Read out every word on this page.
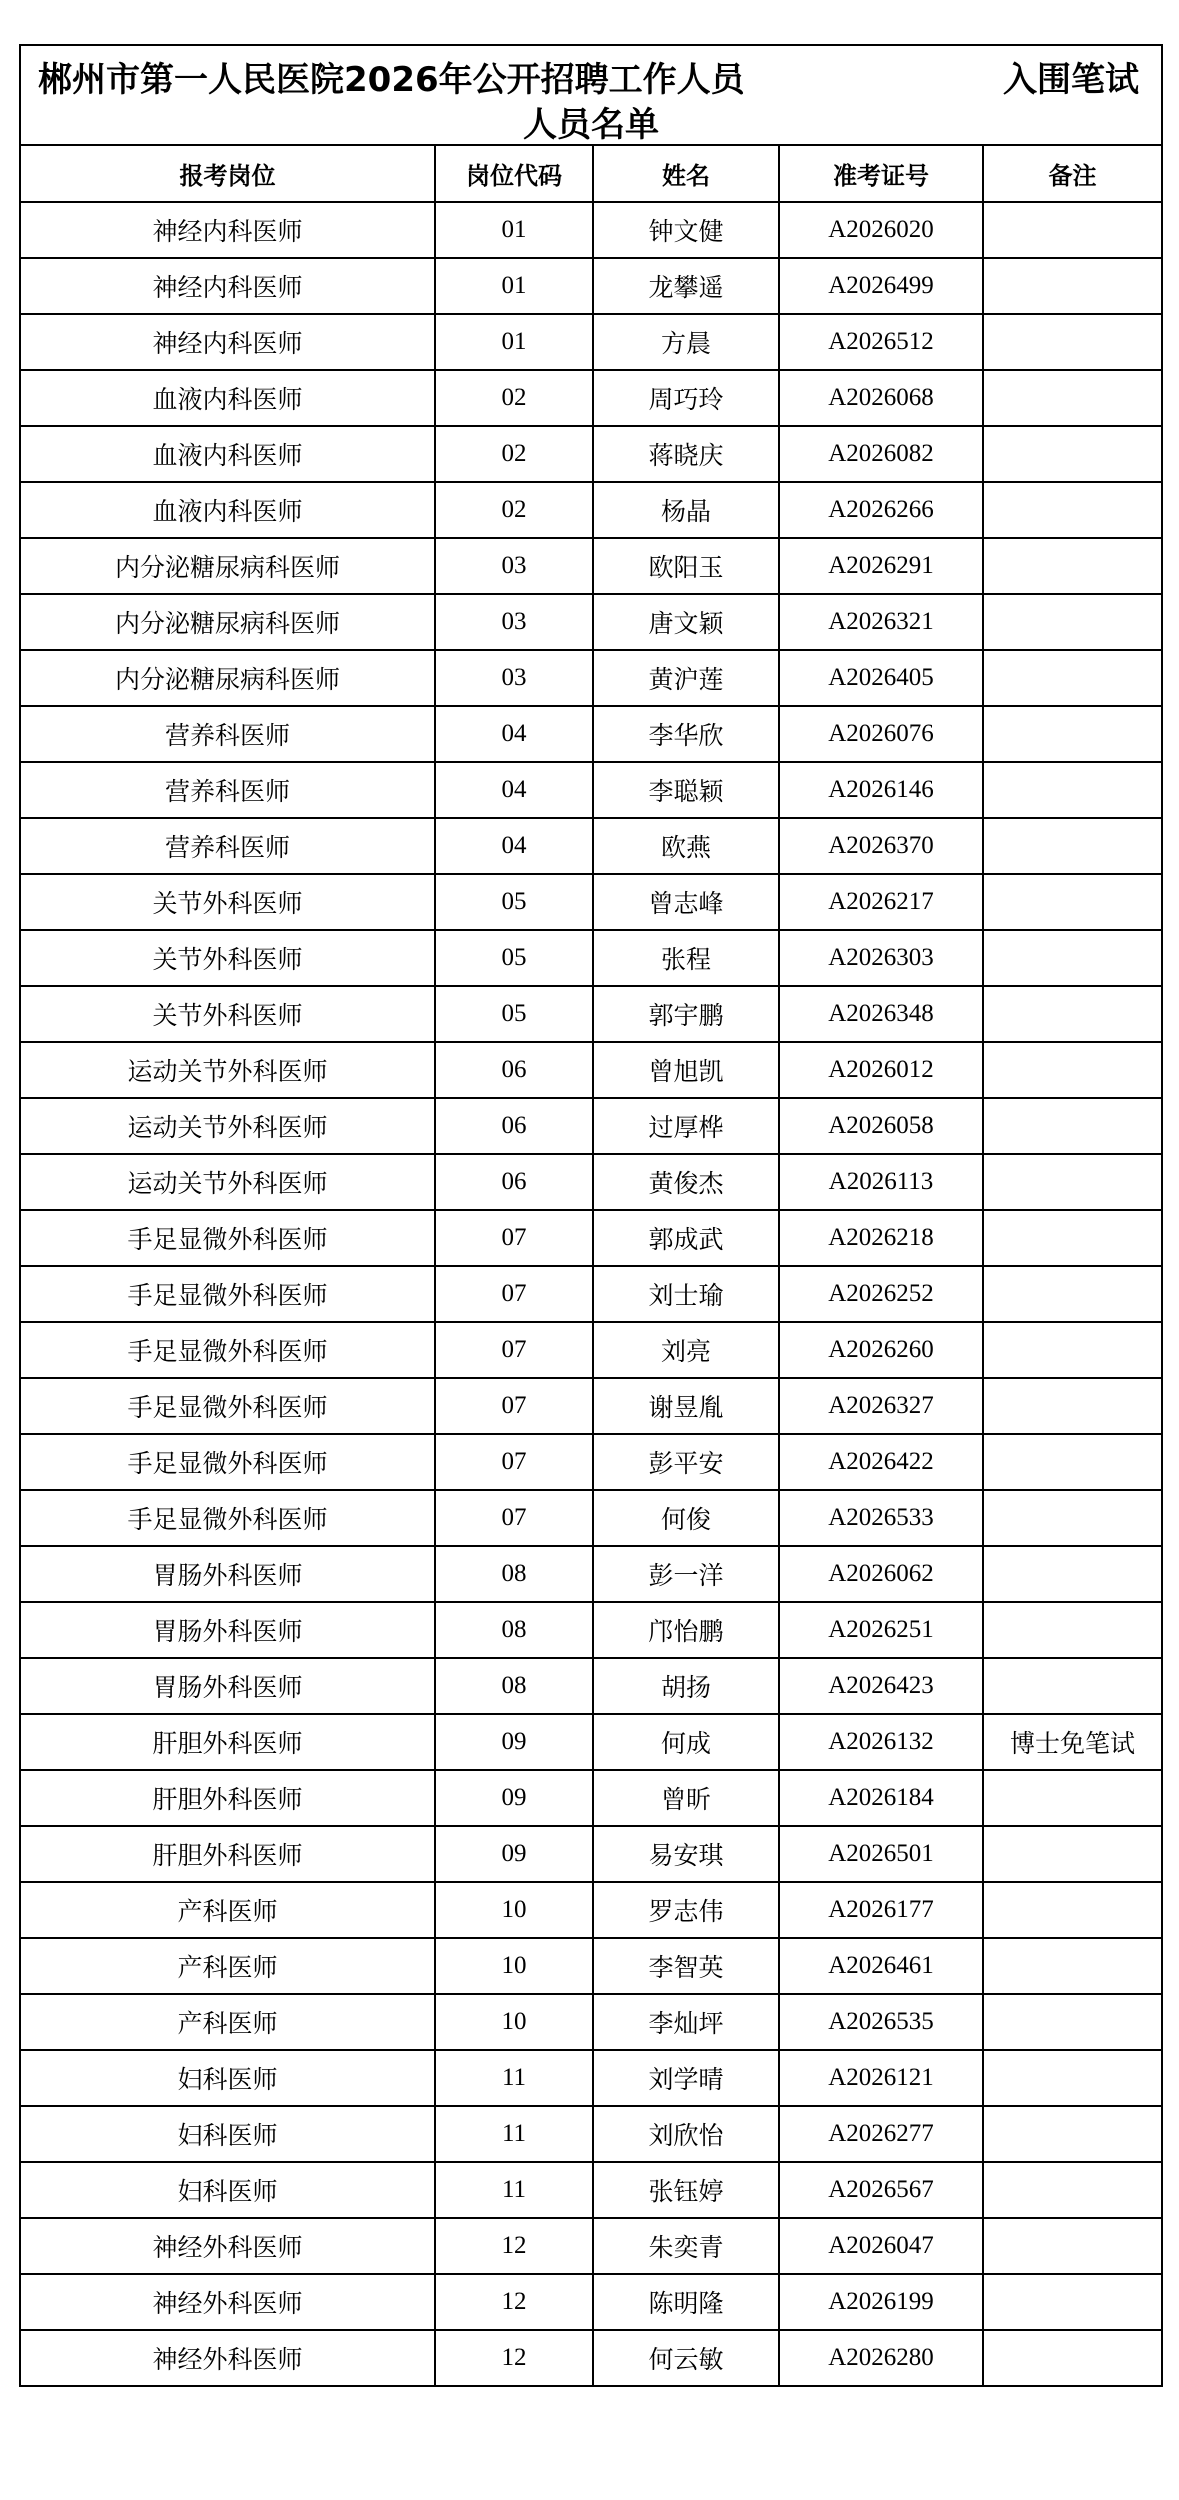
郴州市第一人民医院2026年公开招聘工作人员	入围笔试
人员名单
报考岗位	岗位代码	姓名	准考证号	备注
神经内科医师	01	钟文健	A2026020	
神经内科医师	01	龙攀遥	A2026499	
神经内科医师	01	方晨	A2026512	
血液内科医师	02	周巧玲	A2026068	
血液内科医师	02	蒋晓庆	A2026082	
血液内科医师	02	杨晶	A2026266	
内分泌糖尿病科医师	03	欧阳玉	A2026291	
内分泌糖尿病科医师	03	唐文颖	A2026321	
内分泌糖尿病科医师	03	黄沪莲	A2026405	
营养科医师	04	李华欣	A2026076	
营养科医师	04	李聪颖	A2026146	
营养科医师	04	欧燕	A2026370	
关节外科医师	05	曾志峰	A2026217	
关节外科医师	05	张程	A2026303	
关节外科医师	05	郭宇鹏	A2026348	
运动关节外科医师	06	曾旭凯	A2026012	
运动关节外科医师	06	过厚桦	A2026058	
运动关节外科医师	06	黄俊杰	A2026113	
手足显微外科医师	07	郭成武	A2026218	
手足显微外科医师	07	刘士瑜	A2026252	
手足显微外科医师	07	刘亮	A2026260	
手足显微外科医师	07	谢昱胤	A2026327	
手足显微外科医师	07	彭平安	A2026422	
手足显微外科医师	07	何俊	A2026533	
胃肠外科医师	08	彭一洋	A2026062	
胃肠外科医师	08	邝怡鹏	A2026251	
胃肠外科医师	08	胡扬	A2026423	
肝胆外科医师	09	何成	A2026132	博士免笔试
肝胆外科医师	09	曾昕	A2026184	
肝胆外科医师	09	易安琪	A2026501	
产科医师	10	罗志伟	A2026177	
产科医师	10	李智英	A2026461	
产科医师	10	李灿坪	A2026535	
妇科医师	11	刘学晴	A2026121	
妇科医师	11	刘欣怡	A2026277	
妇科医师	11	张钰婷	A2026567	
神经外科医师	12	朱奕青	A2026047	
神经外科医师	12	陈明隆	A2026199	
神经外科医师	12	何云敏	A2026280	
